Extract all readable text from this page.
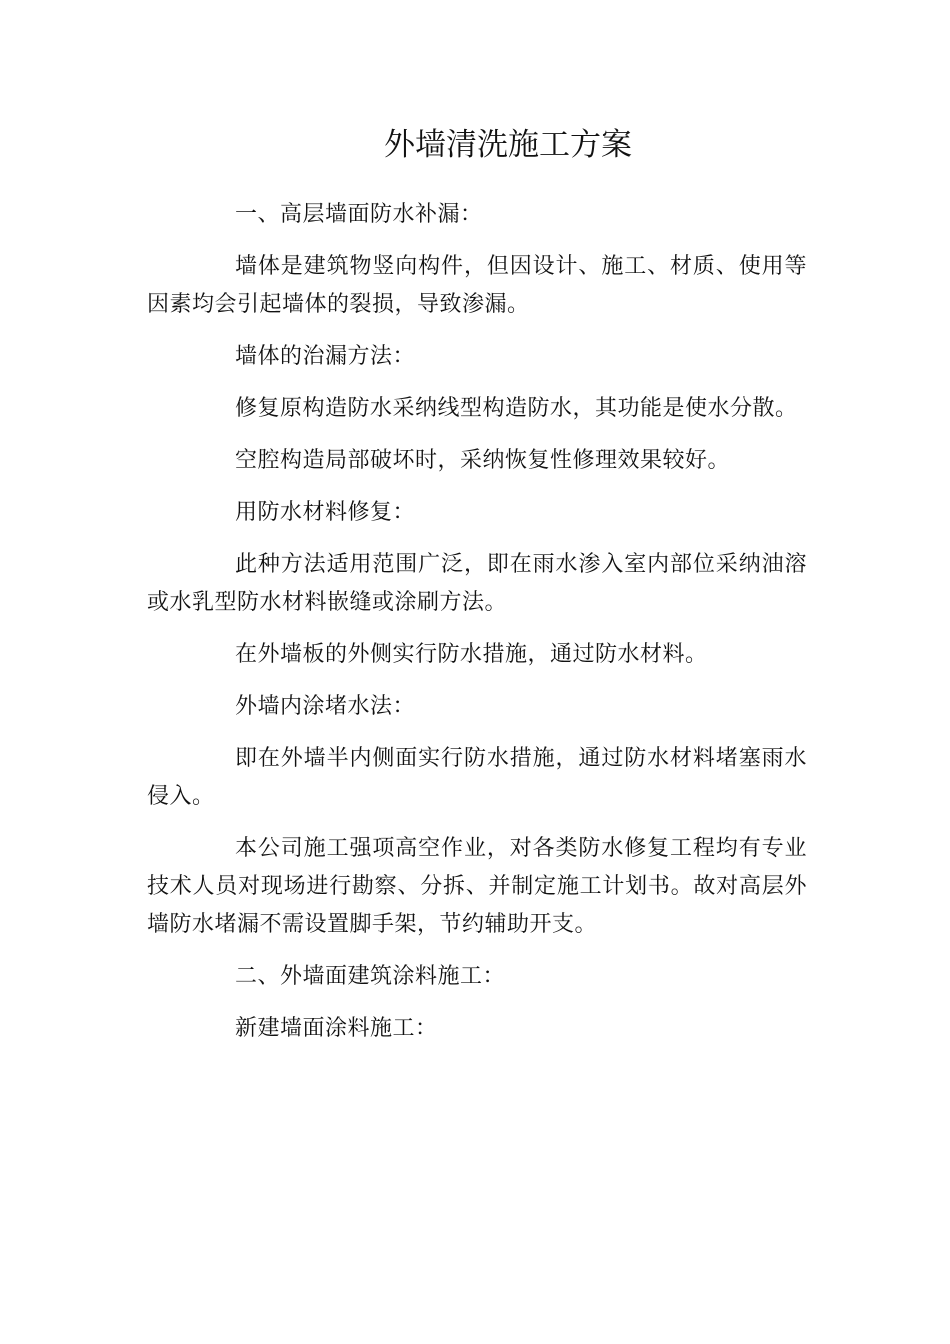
外墙清洗施工方案

一、高层墙面防水补漏：

墙体是建筑物竖向构件，但因设计、施工、材质、使用等因素均会引起墙体的裂损，导致渗漏。

墙体的治漏方法：

修复原构造防水采纳线型构造防水，其功能是使水分散。

空腔构造局部破坏时，采纳恢复性修理效果较好。

用防水材料修复：

此种方法适用范围广泛，即在雨水渗入室内部位采纳油溶或水乳型防水材料嵌缝或涂刷方法。

在外墙板的外侧实行防水措施，通过防水材料。

外墙内涂堵水法：

即在外墙半内侧面实行防水措施，通过防水材料堵塞雨水侵入。

本公司施工强项高空作业，对各类防水修复工程均有专业技术人员对现场进行勘察、分拆、并制定施工计划书。故对高层外墙防水堵漏不需设置脚手架，节约辅助开支。

二、外墙面建筑涂料施工：

新建墙面涂料施工：
